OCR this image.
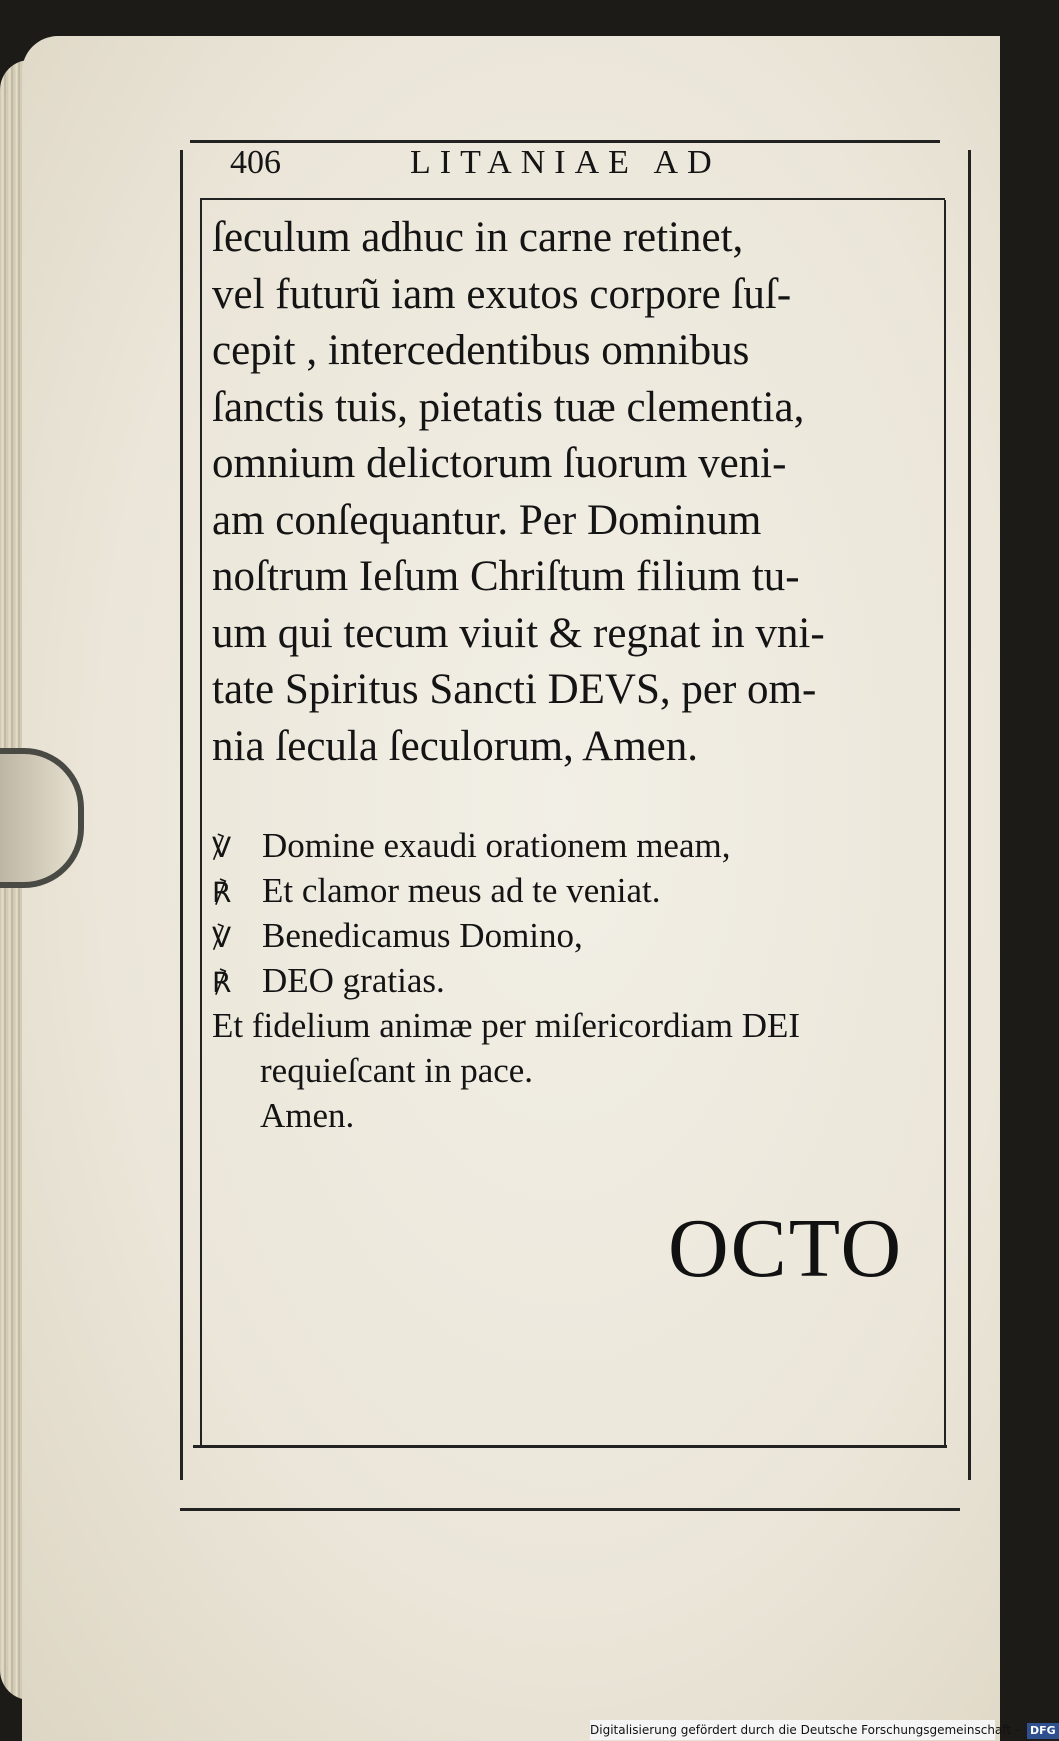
406	LITANIAE AD
ſeculum adhuc in carne retinet,
vel futurũ iam exutos corpore ſuſ-
cepit , intercedentibus omnibus
ſanctis tuis, pietatis tuæ clementia,
omnium delictorum ſuorum veni-
am conſequantur. Per Dominum
noſtrum Ieſum Chriſtum filium tu-
um qui tecum viuit & regnat in vni-
tate Spiritus Sancti DEVS, per om-
nia ſecula ſeculorum, Amen.
℣ Domine exaudi orationem meam,
℟ Et clamor meus ad te veniat.
℣ Benedicamus Domino,
℟ DEO gratias.
Et fidelium animæ per miſericordiam DEI
requieſcant in pace.
Amen.
OCTO
Digitalisierung gefördert durch die Deutsche Forschungsgemeinschaft - DFG
